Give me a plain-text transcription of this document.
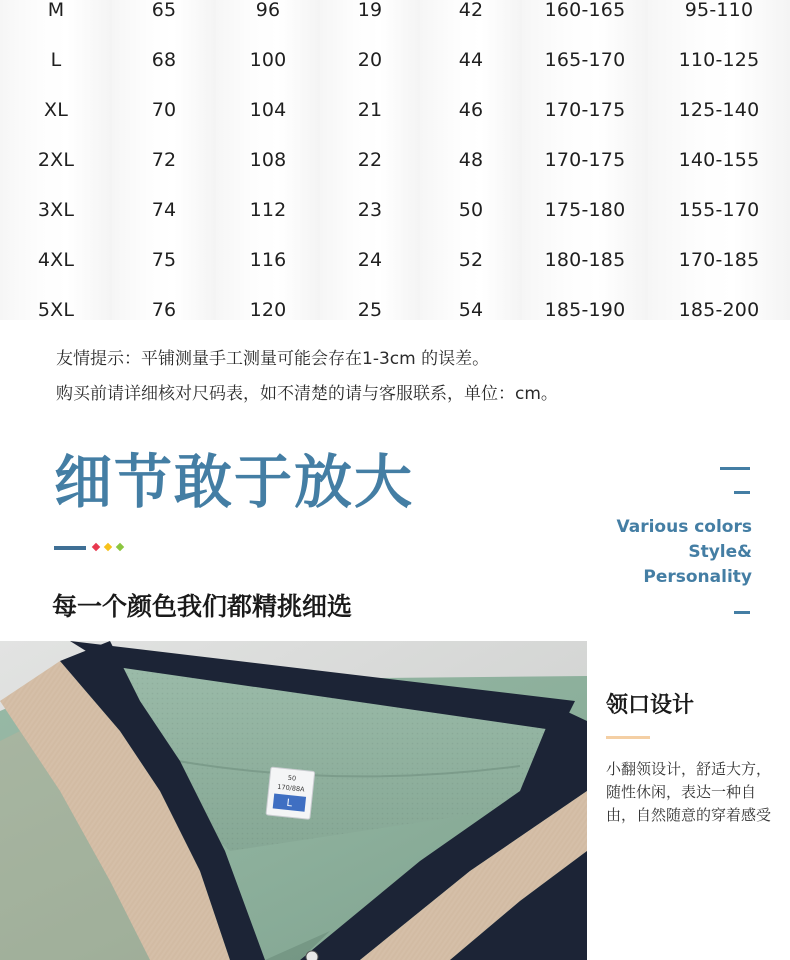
M
L
XL
2XL
3XL
4XL
5XL
65
68
70
72
74
75
76
96
100
104
108
112
116
120
19
20
21
22
23
24
25
42
44
46
48
50
52
54
160-165
165-170
170-175
170-175
175-180
180-185
185-190
95-110
110-125
125-140
140-155
155-170
170-185
185-200
友情提示：平铺测量手工测量可能会存在1-3cm 的误差。
购买前请详细核对尺码表，如不清楚的请与客服联系，单位：cm。
细节敢于放大
Various colors
Style&
Personality
每一个颜色我们都精挑细选
50
170/88A
L
领口设计
小翻领设计，舒适大方，随性休闲，表达一种自由，自然随意的穿着感受
